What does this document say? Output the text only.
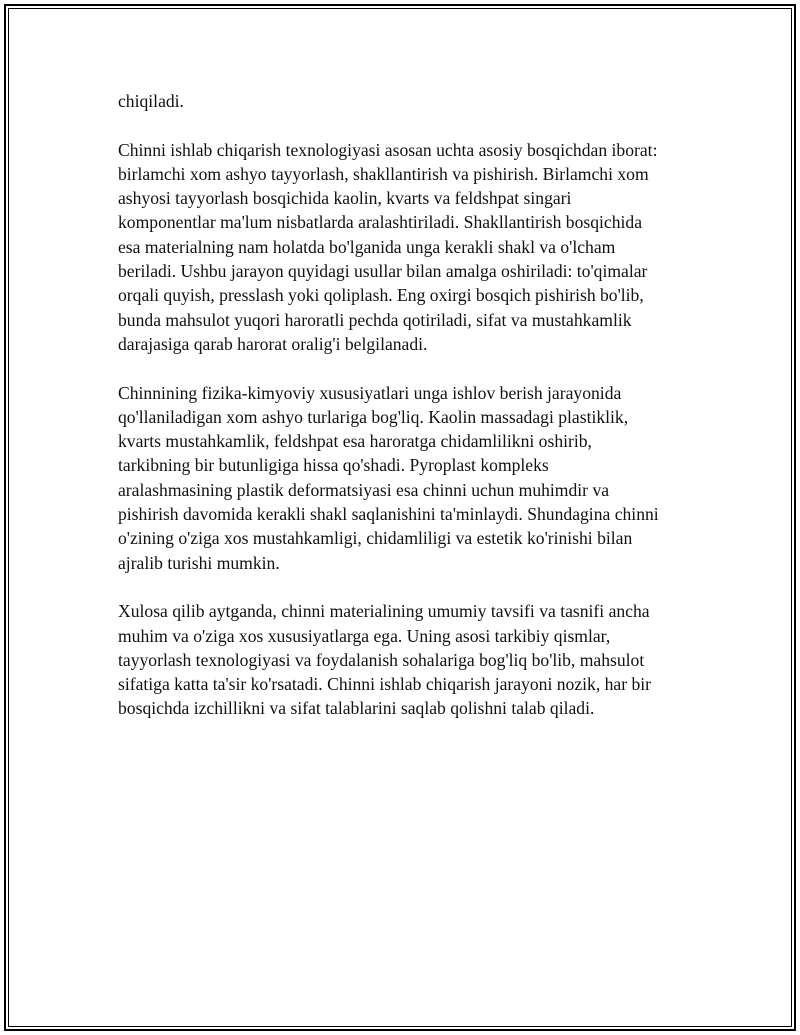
chiqiladi.

Chinni ishlab chiqarish texnologiyasi asosan uchta asosiy bosqichdan iborat:
birlamchi xom ashyo tayyorlash, shakllantirish va pishirish. Birlamchi xom
ashyosi tayyorlash bosqichida kaolin, kvarts va feldshpat singari
komponentlar ma'lum nisbatlarda aralashtiriladi. Shakllantirish bosqichida
esa materialning nam holatda bo'lganida unga kerakli shakl va o'lcham
beriladi. Ushbu jarayon quyidagi usullar bilan amalga oshiriladi: to'qimalar
orqali quyish, presslash yoki qoliplash. Eng oxirgi bosqich pishirish bo'lib,
bunda mahsulot yuqori haroratli pechda qotiriladi, sifat va mustahkamlik
darajasiga qarab harorat oralig'i belgilanadi.

Chinnining fizika-kimyoviy xususiyatlari unga ishlov berish jarayonida
qo'llaniladigan xom ashyo turlariga bog'liq. Kaolin massadagi plastiklik,
kvarts mustahkamlik, feldshpat esa haroratga chidamlilikni oshirib,
tarkibning bir butunligiga hissa qo'shadi. Pyroplast kompleks
aralashmasining plastik deformatsiyasi esa chinni uchun muhimdir va
pishirish davomida kerakli shakl saqlanishini ta'minlaydi. Shundagina chinni
o'zining o'ziga xos mustahkamligi, chidamliligi va estetik ko'rinishi bilan
ajralib turishi mumkin.

Xulosa qilib aytganda, chinni materialining umumiy tavsifi va tasnifi ancha
muhim va o'ziga xos xususiyatlarga ega. Uning asosi tarkibiy qismlar,
tayyorlash texnologiyasi va foydalanish sohalariga bog'liq bo'lib, mahsulot
sifatiga katta ta'sir ko'rsatadi. Chinni ishlab chiqarish jarayoni nozik, har bir
bosqichda izchillikni va sifat talablarini saqlab qolishni talab qiladi.
